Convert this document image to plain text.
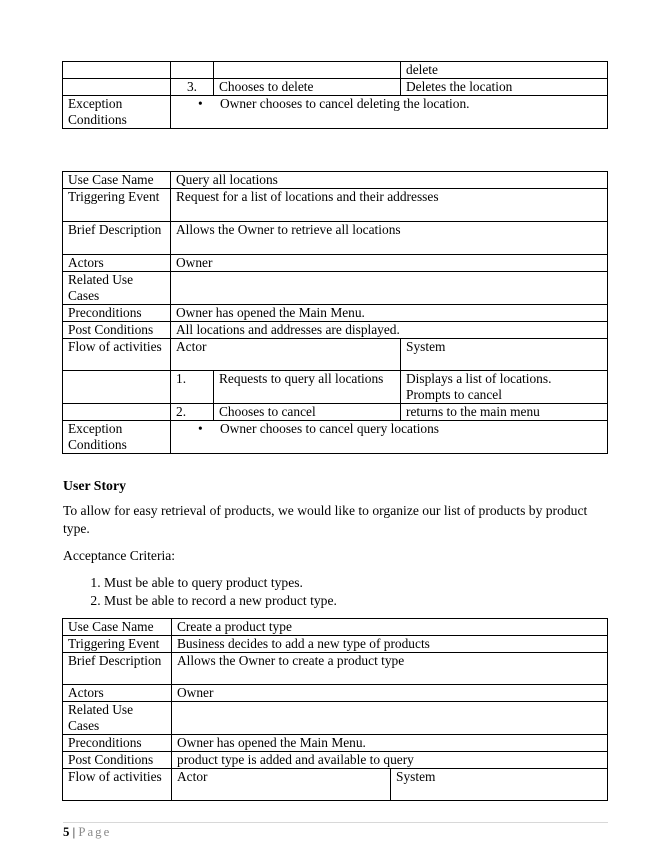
			delete
	3.	Chooses to delete	Deletes the location
Exception Conditions	• Owner chooses to cancel deleting the location.		
Use Case Name	Query all locations		
Triggering Event	Request for a list of locations and their addresses		
Brief Description	Allows the Owner to retrieve all locations		
Actors	Owner		
Related Use Cases			
Preconditions	Owner has opened the Main Menu.		
Post Conditions	All locations and addresses are displayed.		
Flow of activities	Actor		System
	1.	Requests to query all locations	Displays a list of locations.
Prompts to cancel

	2.	Chooses to cancel	returns to the main menu
Exception Conditions	• Owner chooses to cancel query locations		
User Story

To allow for easy retrieval of products, we would like to organize our list of products by product type.

Acceptance Criteria:

1. Must be able to query product types.
2. Must be able to record a new product type.
Use Case Name	Create a product type	
Triggering Event	Business decides to add a new type of products	
Brief Description	Allows the Owner to create a product type	
Actors	Owner	
Related Use Cases		
Preconditions	Owner has opened the Main Menu.	
Post Conditions	product type is added and available to query	
Flow of activities	Actor	System
5 | Page
